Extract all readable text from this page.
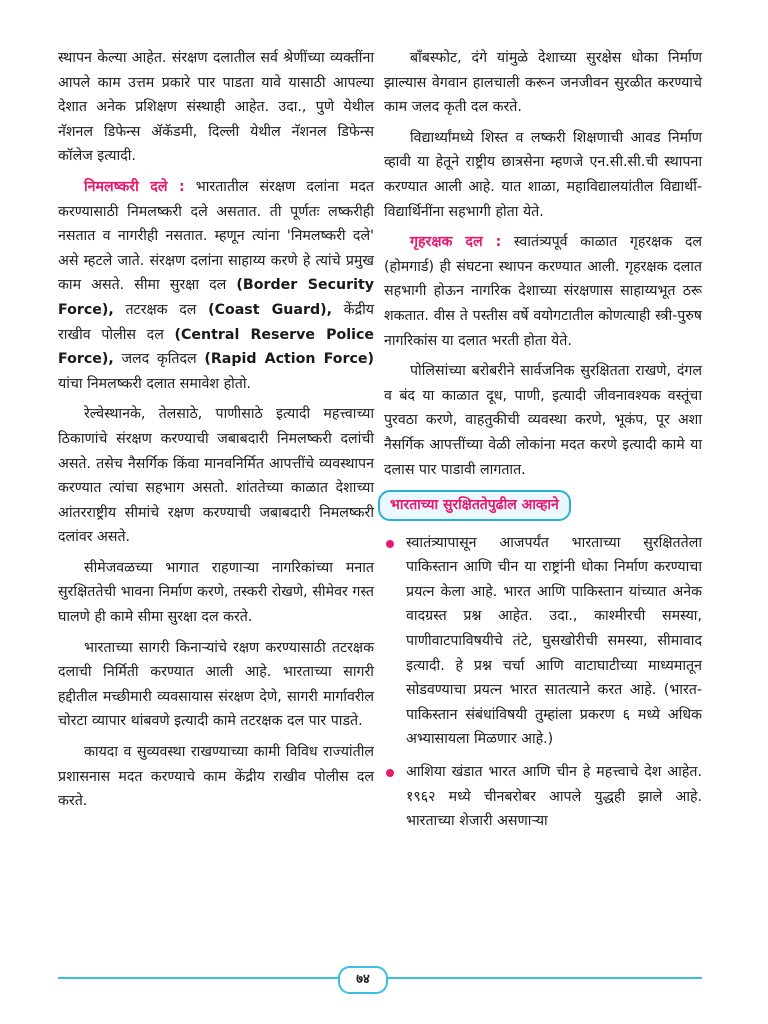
स्थापन केल्या आहेत. संरक्षण दलातील सर्व श्रेणींच्या व्यक्तींना आपले काम उत्तम प्रकारे पार पाडता यावे यासाठी आपल्या देशात अनेक प्रशिक्षण संस्थाही आहेत. उदा., पुणे येथील नॅशनल डिफेन्स ॲकॅडमी, दिल्ली येथील नॅशनल डिफेन्स कॉलेज इत्यादी.

निमलष्करी दले : भारतातील संरक्षण दलांना मदत करण्यासाठी निमलष्करी दले असतात. ती पूर्णतः लष्करीही नसतात व नागरीही नसतात. म्हणून त्यांना 'निमलष्करी दले' असे म्हटले जाते. संरक्षण दलांना साहाय्य करणे हे त्यांचे प्रमुख काम असते. सीमा सुरक्षा दल (Border Security Force), तटरक्षक दल (Coast Guard), केंद्रीय राखीव पोलीस दल (Central Reserve Police Force), जलद कृतिदल (Rapid Action Force) यांचा निमलष्करी दलात समावेश होतो.

रेल्वेस्थानके, तेलसाठे, पाणीसाठे इत्यादी महत्त्वाच्या ठिकाणांचे संरक्षण करण्याची जबाबदारी निमलष्करी दलांची असते. तसेच नैसर्गिक किंवा मानवनिर्मित आपत्तींचे व्यवस्थापन करण्यात त्यांचा सहभाग असतो. शांततेच्या काळात देशाच्या आंतरराष्ट्रीय सीमांचे रक्षण करण्याची जबाबदारी निमलष्करी दलांवर असते.

सीमेजवळच्या भागात राहणाऱ्या नागरिकांच्या मनात सुरक्षिततेची भावना निर्माण करणे, तस्करी रोखणे, सीमेवर गस्त घालणे ही कामे सीमा सुरक्षा दल करते.

भारताच्या सागरी किनाऱ्यांचे रक्षण करण्यासाठी तटरक्षक दलाची निर्मिती करण्यात आली आहे. भारताच्या सागरी हद्दीतील मच्छीमारी व्यवसायास संरक्षण देणे, सागरी मार्गावरील चोरटा व्यापार थांबवणे इत्यादी कामे तटरक्षक दल पार पाडते.

कायदा व सुव्यवस्था राखण्याच्या कामी विविध राज्यांतील प्रशासनास मदत करण्याचे काम केंद्रीय राखीव पोलीस दल करते.

बाँबस्फोट, दंगे यांमुळे देशाच्या सुरक्षेस धोका निर्माण झाल्यास वेगवान हालचाली करून जनजीवन सुरळीत करण्याचे काम जलद कृती दल करते.

विद्यार्थ्यांमध्ये शिस्त व लष्करी शिक्षणाची आवड निर्माण व्हावी या हेतूने राष्ट्रीय छात्रसेना म्हणजे एन.सी.सी.ची स्थापना करण्यात आली आहे. यात शाळा, महाविद्यालयांतील विद्यार्थी-विद्यार्थिनींना सहभागी होता येते.

गृहरक्षक दल : स्वातंत्र्यपूर्व काळात गृहरक्षक दल (होमगार्ड) ही संघटना स्थापन करण्यात आली. गृहरक्षक दलात सहभागी होऊन नागरिक देशाच्या संरक्षणास साहाय्यभूत ठरू शकतात. वीस ते पस्तीस वर्षे वयोगटातील कोणत्याही स्त्री-पुरुष नागरिकांस या दलात भरती होता येते.

पोलिसांच्या बरोबरीने सार्वजनिक सुरक्षितता राखणे, दंगल व बंद या काळात दूध, पाणी, इत्यादी जीवनावश्यक वस्तूंचा पुरवठा करणे, वाहतुकीची व्यवस्था करणे, भूकंप, पूर अशा नैसर्गिक आपत्तींच्या वेळी लोकांना मदत करणे इत्यादी कामे या दलास पार पाडावी लागतात.

भारताच्या सुरक्षिततेपुढील आव्हाने
स्वातंत्र्यापासून आजपर्यंत भारताच्या सुरक्षिततेला पाकिस्तान आणि चीन या राष्ट्रांनी धोका निर्माण करण्याचा प्रयत्न केला आहे. भारत आणि पाकिस्तान यांच्यात अनेक वादग्रस्त प्रश्न आहेत. उदा., काश्मीरची समस्या, पाणीवाटपाविषयीचे तंटे, घुसखोरीची समस्या, सीमावाद इत्यादी. हे प्रश्न चर्चा आणि वाटाघाटीच्या माध्यमातून सोडवण्याचा प्रयत्न भारत सातत्याने करत आहे. (भारत-पाकिस्तान संबंधांविषयी तुम्हांला प्रकरण ६ मध्ये अधिक अभ्यासायला मिळणार आहे.)
आशिया खंडात भारत आणि चीन हे महत्त्वाचे देश आहेत. १९६२ मध्ये चीनबरोबर आपले युद्धही झाले आहे. भारताच्या शेजारी असणाऱ्या
७४
